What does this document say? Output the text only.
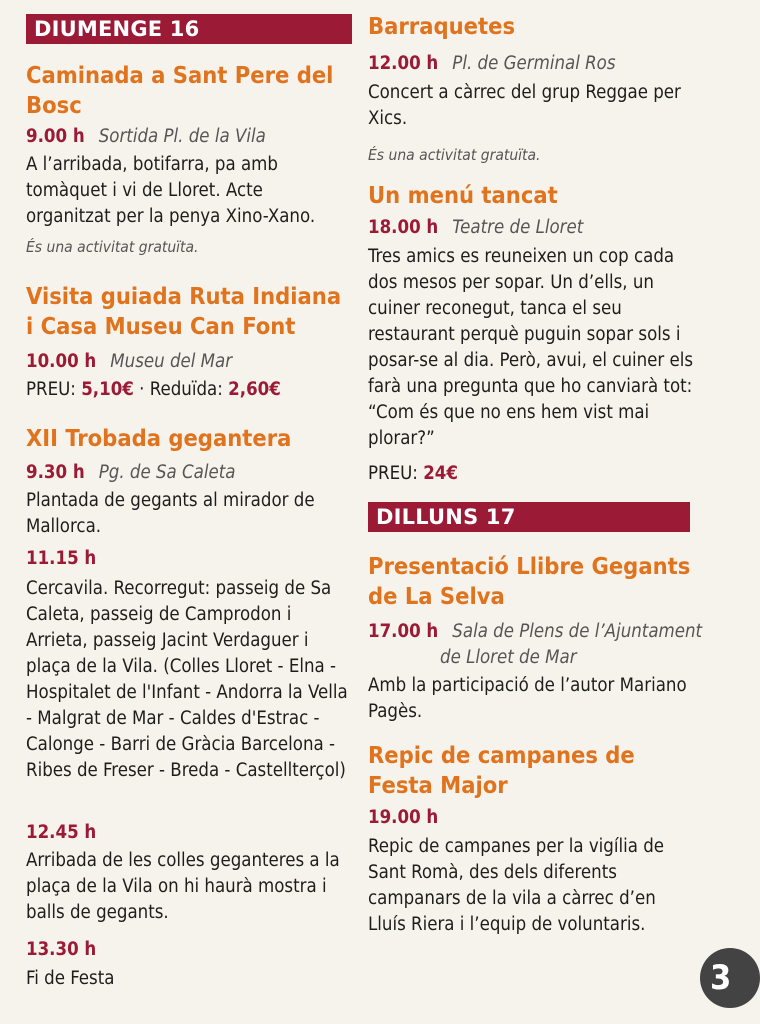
DIUMENGE 16
Caminada a Sant Pere del Bosc
9.00 h Sortida Pl. de la Vila

A l’arribada, botifarra, pa amb tomàquet i vi de Lloret. Acte organitzat per la penya Xino-Xano.

És una activitat gratuïta.
Visita guiada Ruta Indiana i Casa Museu Can Font
10.00 h Museu del Mar
PREU: 5,10€ · Reduïda: 2,60€
XII Trobada gegantera
9.30 h Pg. de Sa Caleta

Plantada de gegants al mirador de Mallorca.

11.15 h

Cercavila. Recorregut: passeig de Sa Caleta, passeig de Camprodon i Arrieta, passeig Jacint Verdaguer i plaça de la Vila. (Colles Lloret - Elna - Hospitalet de l'Infant - Andorra la Vella - Malgrat de Mar - Caldes d'Estrac - Calonge - Barri de Gràcia Barcelona - Ribes de Freser - Breda - Castellterçol)

12.45 h

Arribada de les colles geganteres a la plaça de la Vila on hi haurà mostra i balls de gegants.

13.30 h

Fi de Festa

Barraquetes
12.00 h Pl. de Germinal Ros

Concert a càrrec del grup Reggae per Xics.

És una activitat gratuïta.
Un menú tancat
18.00 h Teatre de Lloret

Tres amics es reuneixen un cop cada dos mesos per sopar. Un d’ells, un cuiner reconegut, tanca el seu restaurant perquè puguin sopar sols i posar-se al dia. Però, avui, el cuiner els farà una pregunta que ho canviarà tot: “Com és que no ens hem vist mai plorar?”

PREU: 24€
DILLUNS 17
Presentació Llibre Gegants de La Selva
17.00 h Sala de Plens de l’Ajuntament
de Lloret de Mar

Amb la participació de l’autor Mariano Pagès.

Repic de campanes de Festa Major
19.00 h

Repic de campanes per la vigília de Sant Romà, des dels diferents campanars de la vila a càrrec d’en Lluís Riera i l’equip de voluntaris.

3
